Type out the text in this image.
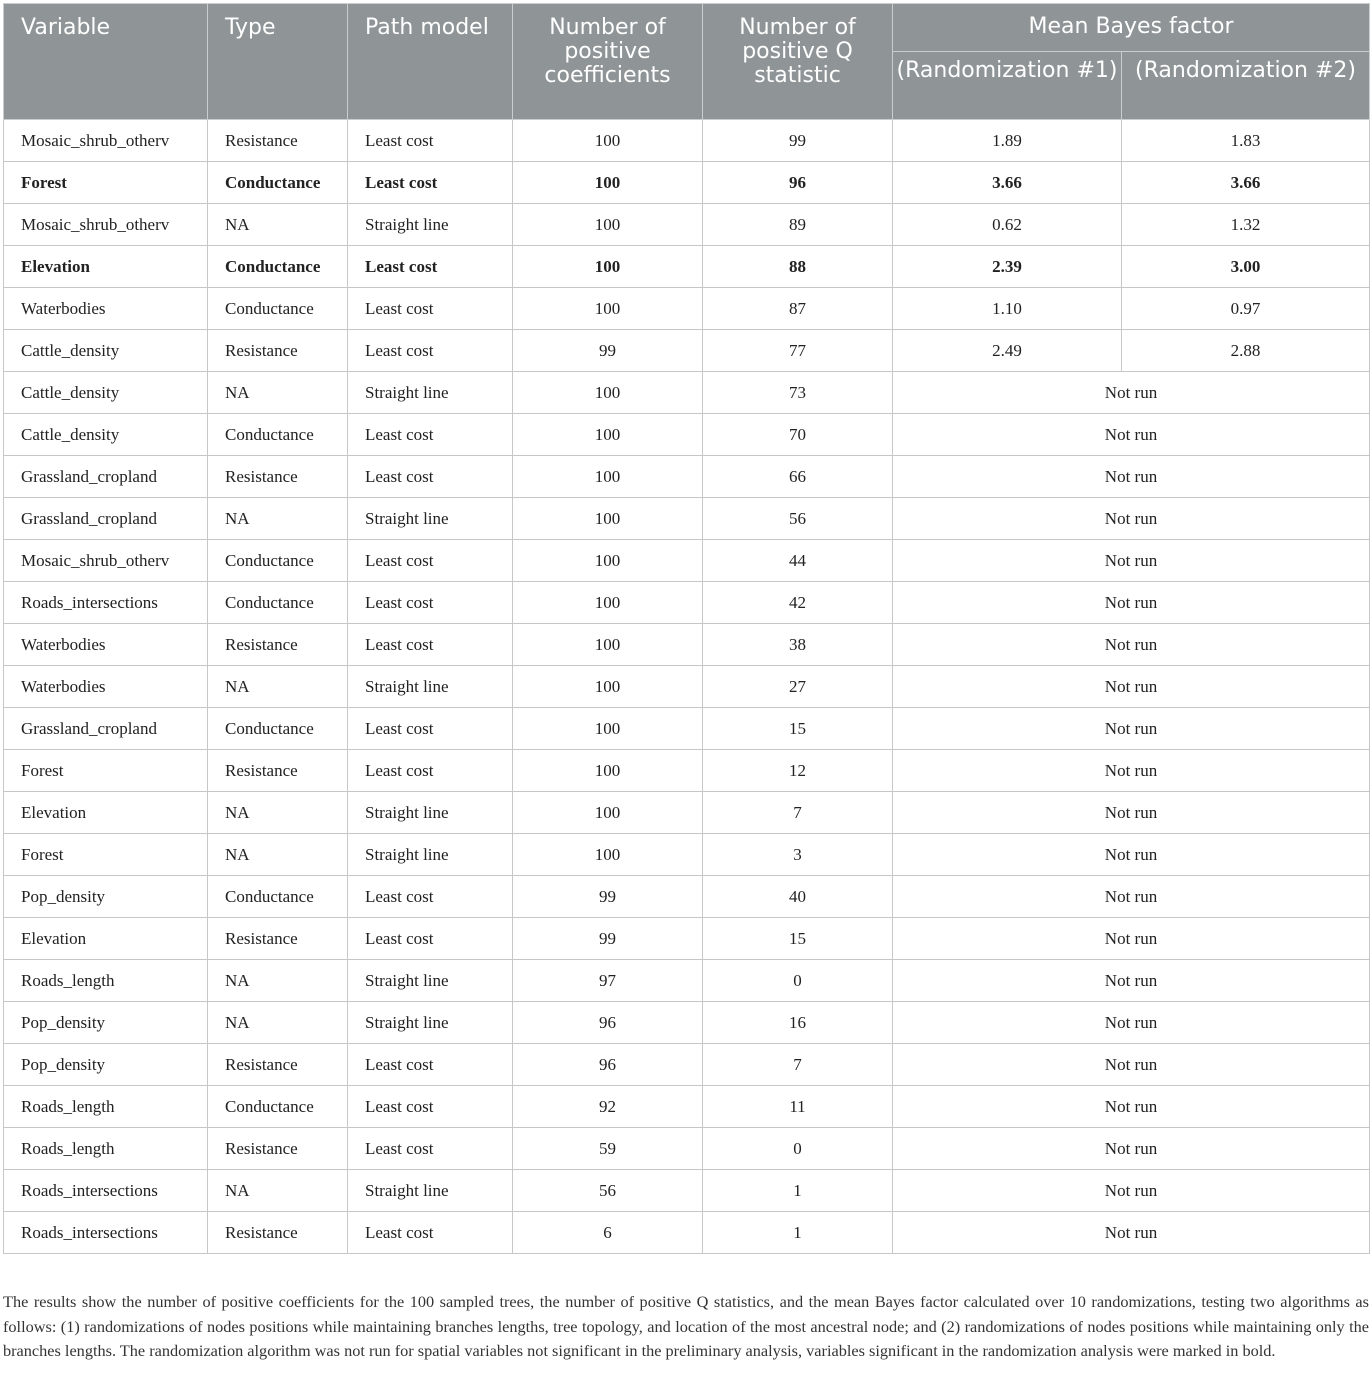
Variable	Type	Path model	Number of positive coefficients	Number of positive Q statistic	Mean Bayes factor	
					(Randomization #1)	(Randomization #2)
Mosaic_shrub_otherv	Resistance	Least cost	100	99	1.89	1.83
Forest	Conductance	Least cost	100	96	3.66	3.66
Mosaic_shrub_otherv	NA	Straight line	100	89	0.62	1.32
Elevation	Conductance	Least cost	100	88	2.39	3.00
Waterbodies	Conductance	Least cost	100	87	1.10	0.97
Cattle_density	Resistance	Least cost	99	77	2.49	2.88
Cattle_density	NA	Straight line	100	73	Not run	
Cattle_density	Conductance	Least cost	100	70	Not run	
Grassland_cropland	Resistance	Least cost	100	66	Not run	
Grassland_cropland	NA	Straight line	100	56	Not run	
Mosaic_shrub_otherv	Conductance	Least cost	100	44	Not run	
Roads_intersections	Conductance	Least cost	100	42	Not run	
Waterbodies	Resistance	Least cost	100	38	Not run	
Waterbodies	NA	Straight line	100	27	Not run	
Grassland_cropland	Conductance	Least cost	100	15	Not run	
Forest	Resistance	Least cost	100	12	Not run	
Elevation	NA	Straight line	100	7	Not run	
Forest	NA	Straight line	100	3	Not run	
Pop_density	Conductance	Least cost	99	40	Not run	
Elevation	Resistance	Least cost	99	15	Not run	
Roads_length	NA	Straight line	97	0	Not run	
Pop_density	NA	Straight line	96	16	Not run	
Pop_density	Resistance	Least cost	96	7	Not run	
Roads_length	Conductance	Least cost	92	11	Not run	
Roads_length	Resistance	Least cost	59	0	Not run	
Roads_intersections	NA	Straight line	56	1	Not run	
Roads_intersections	Resistance	Least cost	6	1	Not run	

The results show the number of positive coefficients for the 100 sampled trees, the number of positive Q statistics, and the mean Bayes factor calculated over 10 randomizations, testing two algorithms as follows: (1) randomizations of nodes positions while maintaining branches lengths, tree topology, and location of the most ancestral node; and (2) randomizations of nodes positions while maintaining only the branches lengths. The randomization algorithm was not run for spatial variables not significant in the preliminary analysis, variables significant in the randomization analysis were marked in bold.
